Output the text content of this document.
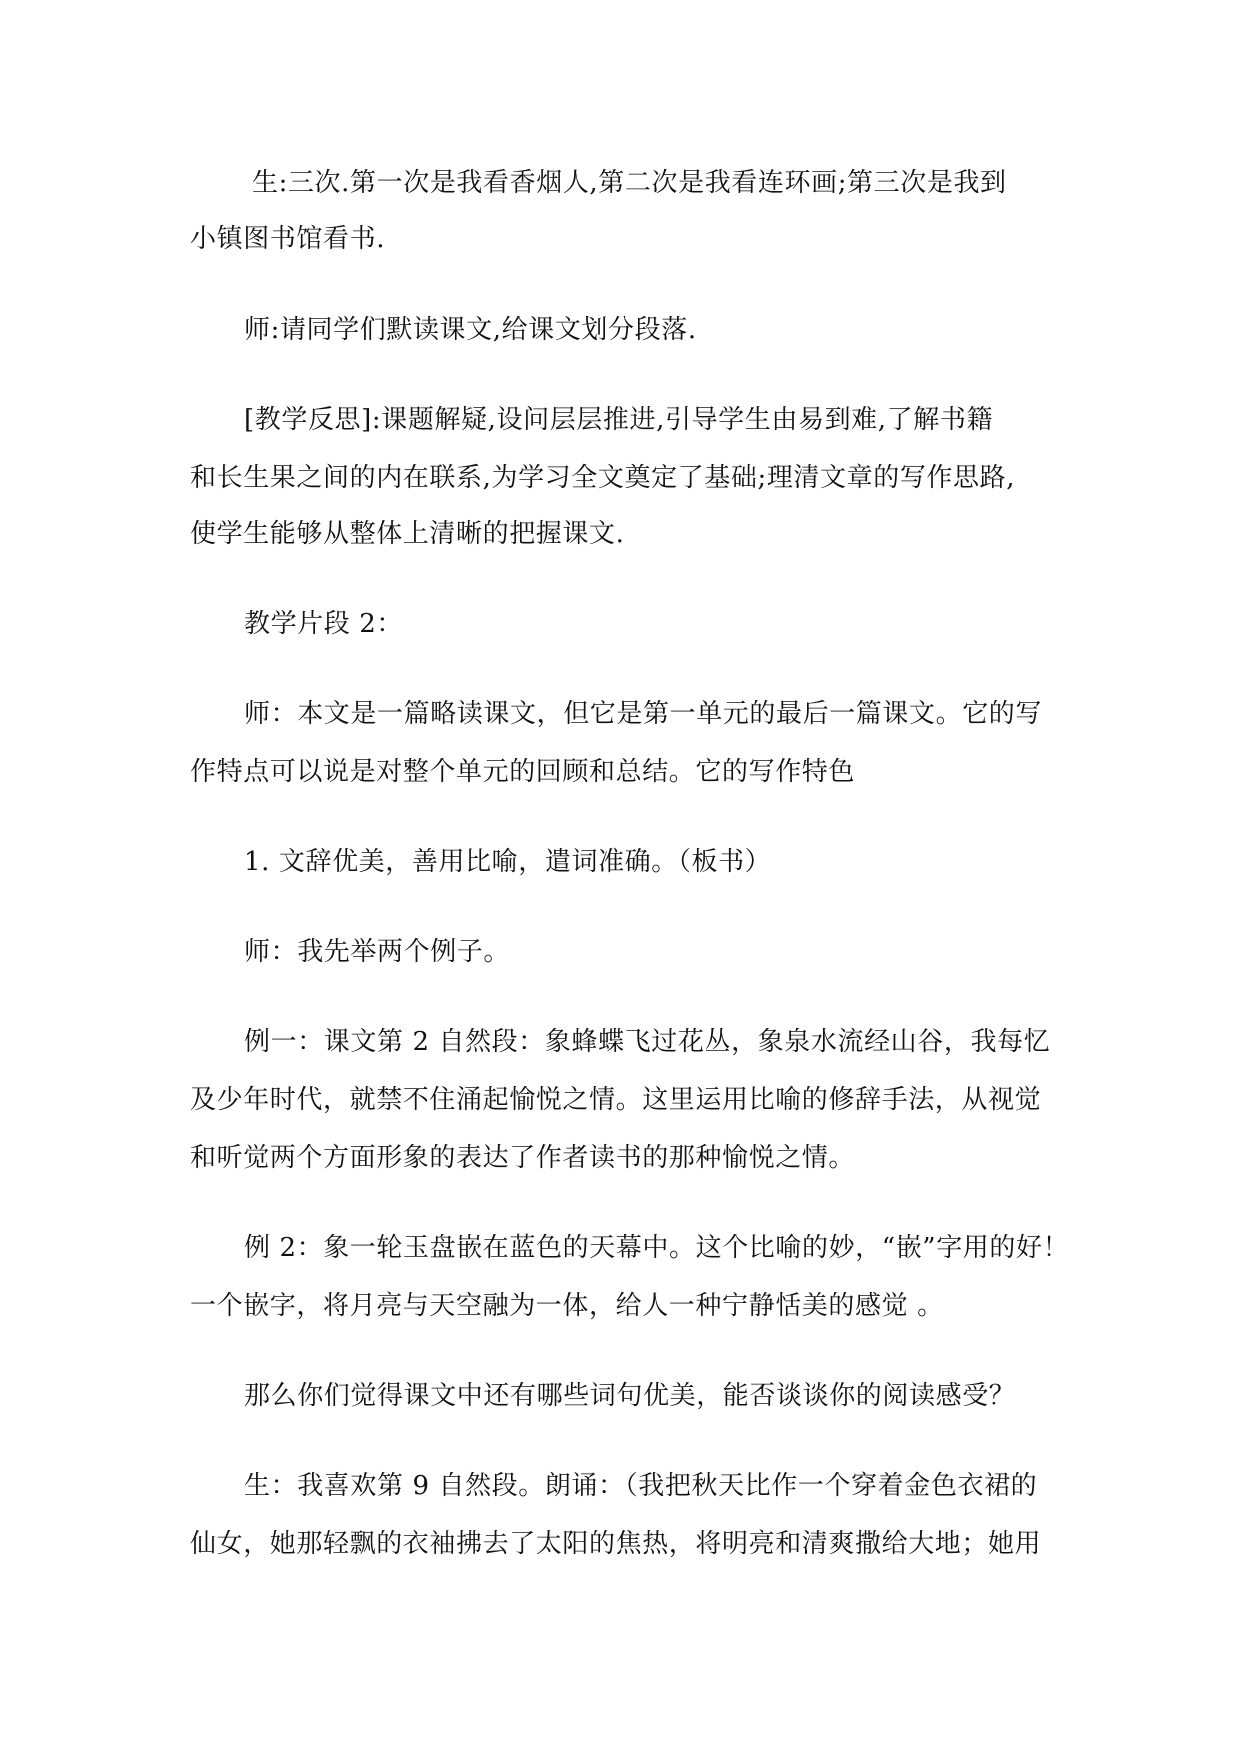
生:三次.第一次是我看香烟人,第二次是我看连环画;第三次是我到
小镇图书馆看书.
师:请同学们默读课文,给课文划分段落.
[教学反思]:课题解疑,设问层层推进,引导学生由易到难,了解书籍
和长生果之间的内在联系,为学习全文奠定了基础;理清文章的写作思路,
使学生能够从整体上清晰的把握课文.
教学片段 2：
师：本文是一篇略读课文，但它是第一单元的最后一篇课文。它的写
作特点可以说是对整个单元的回顾和总结。它的写作特色
1. 文辞优美，善用比喻，遣词准确。（板书）
师：我先举两个例子。
例一：课文第 2 自然段：象蜂蝶飞过花丛，象泉水流经山谷，我每忆
及少年时代，就禁不住涌起愉悦之情。这里运用比喻的修辞手法，从视觉
和听觉两个方面形象的表达了作者读书的那种愉悦之情。
例 2：象一轮玉盘嵌在蓝色的天幕中。这个比喻的妙，“嵌”字用的好！
一个嵌字，将月亮与天空融为一体，给人一种宁静恬美的感觉 。
那么你们觉得课文中还有哪些词句优美，能否谈谈你的阅读感受？
生：我喜欢第 9 自然段。朗诵：（我把秋天比作一个穿着金色衣裙的
仙女，她那轻飘的衣袖拂去了太阳的焦热，将明亮和清爽撒给大地；她用
